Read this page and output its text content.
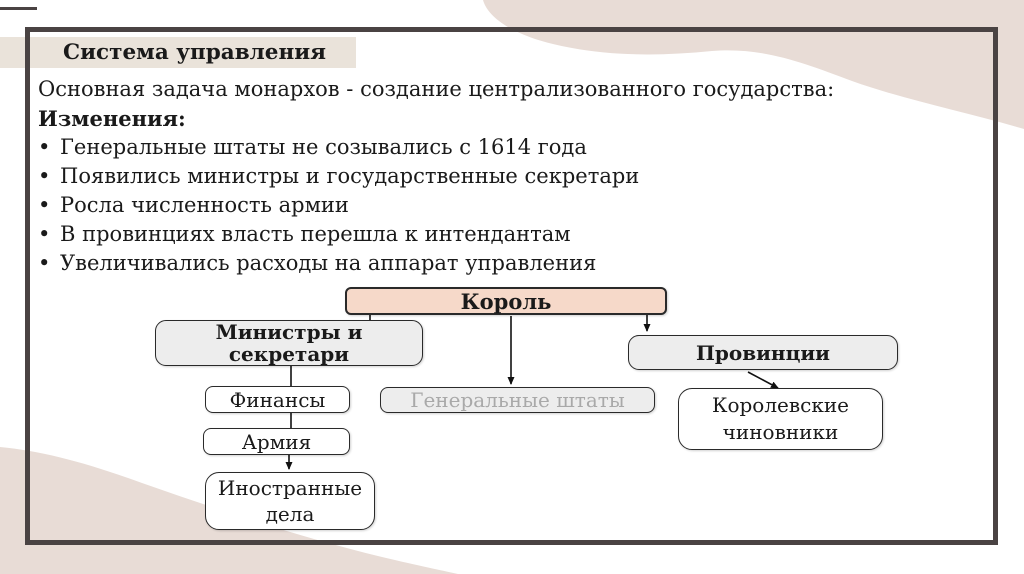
Система управления
Основная задача монархов - создание централизованного государства:
Изменения:
• Генеральные штаты не созывались с 1614 года
• Появились министры и государственные секретари
• Росла численность армии
• В провинциях власть перешла к интендантам
• Увеличивались расходы на аппарат управления
Король
Министры и
секретари
Финансы
Армия
Иностранные
дела
Генеральные штаты
Провинции
Королевские
чиновники
